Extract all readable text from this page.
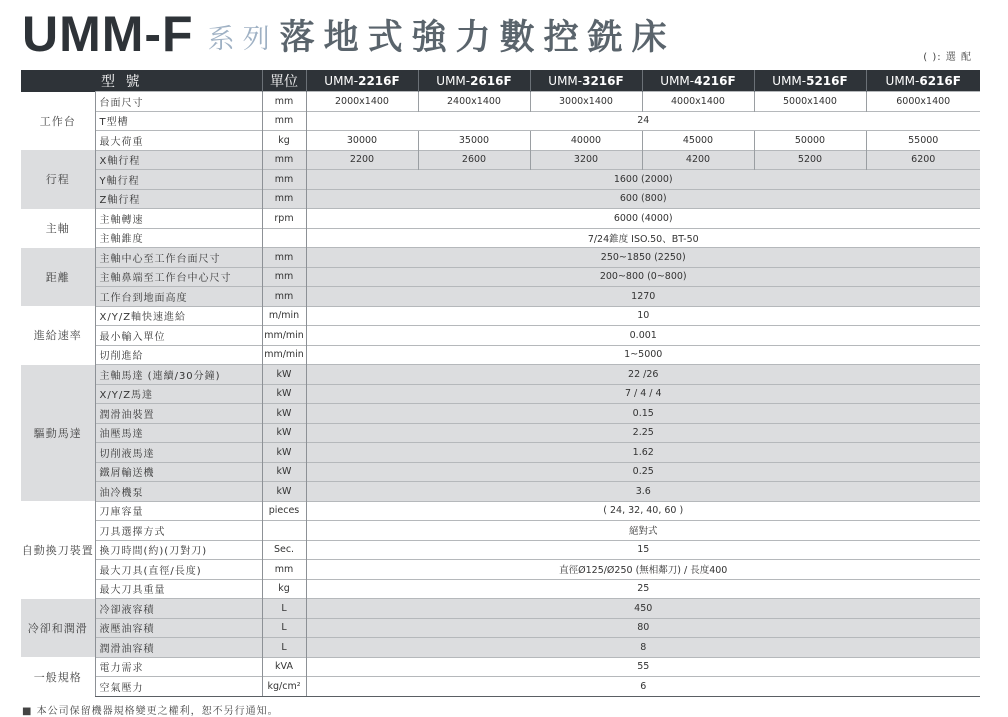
UMM-F 系列 落地式強力數控銑床	( ): 選 配
	型 號	單位	UMM-2216F	UMM-2616F	UMM-3216F	UMM-4216F	UMM-5216F	UMM-6216F
工作台	台面尺寸	mm	2000x1400	2400x1400	3000x1400	4000x1400	5000x1400	6000x1400
	T型槽	mm	24					
	最大荷重	kg	30000	35000	40000	45000	50000	55000
行程	X軸行程	mm	2200	2600	3200	4200	5200	6200
	Y軸行程	mm	1600 (2000)					
	Z軸行程	mm	600 (800)					
主軸	主軸轉速	rpm	6000 (4000)					
	主軸錐度		7/24錐度 ISO.50、BT-50					
距離	主軸中心至工作台面尺寸	mm	250~1850 (2250)					
	主軸鼻端至工作台中心尺寸	mm	200~800 (0~800)					
	工作台到地面高度	mm	1270					
進給速率	X/Y/Z軸快速進給	m/min	10					
	最小輸入單位	mm/min	0.001					
	切削進給	mm/min	1~5000					
驅動馬達	主軸馬達 (連續/30分鐘)	kW	22 /26					
	X/Y/Z馬達	kW	7 / 4 / 4					
	潤滑油裝置	kW	0.15					
	油壓馬達	kW	2.25					
	切削液馬達	kW	1.62					
	鐵屑輸送機	kW	0.25					
	油冷機泵	kW	3.6					
自動換刀裝置	刀庫容量	pieces	( 24, 32, 40, 60 )					
	刀具選擇方式		絕對式					
	換刀時間(約)(刀對刀)	Sec.	15					
	最大刀具(直徑/長度)	mm	直徑Ø125/Ø250 (無相鄰刀) / 長度400					
	最大刀具重量	kg	25					
冷卻和潤滑	冷卻液容積	L	450					
	液壓油容積	L	80					
	潤滑油容積	L	8					
一般規格	電力需求	kVA	55					
	空氣壓力	kg/cm²	6					
■ 本公司保留機器規格變更之權利，恕不另行通知。
